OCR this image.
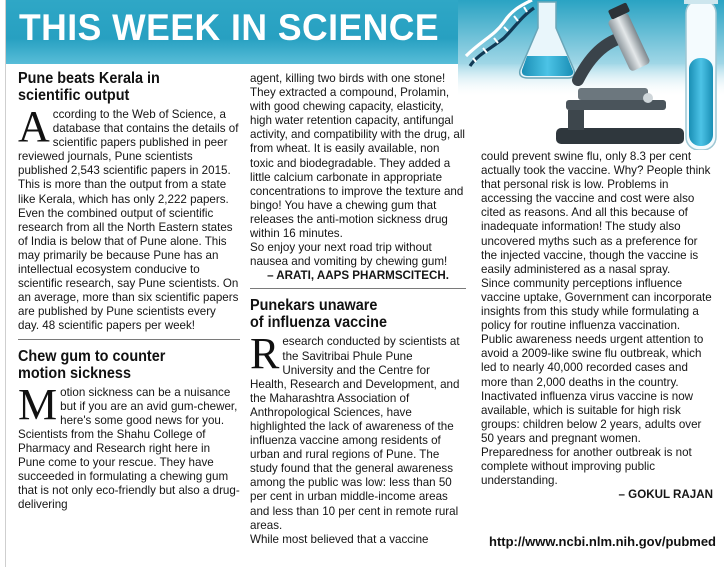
THIS WEEK IN SCIENCE
Pune beats Kerala in
scientific output

According to the Web of Science, a database that contains the details of scientific papers published in peer reviewed journals, Pune scientists published 2,543 scientific papers in 2015. This is more than the output from a state like Kerala, which has only 2,222 papers. Even the combined output of scientific research from all the North Eastern states of India is below that of Pune alone. This may primarily be because Pune has an intellectual ecosystem conducive to scientific research, say Pune scientists. On an average, more than six scientific papers are published by Pune scientists every day. 48 scientific papers per week!

Chew gum to counter
motion sickness

Motion sickness can be a nuisance but if you are an avid gum-chewer, here's some good news for you. Scientists from the Shahu College of Pharmacy and Research right here in Pune come to your rescue. They have succeeded in formulating a chewing gum that is not only eco-friendly but also a drug-delivering

agent, killing two birds with one stone! They extracted a compound, Prolamin, with good chewing capacity, elasticity, high water retention capacity, antifungal activity, and compatibility with the drug, all from wheat. It is easily available, non toxic and biodegradable. They added a little calcium carbonate in appropriate concentrations to improve the texture and bingo! You have a chewing gum that releases the anti-motion sickness drug within 16 minutes.

So enjoy your next road trip without nausea and vomiting by chewing gum!

– ARATI, AAPS PHARMSCITECH.

Punekars unaware
of influenza vaccine

Research conducted by scientists at the Savitribai Phule Pune University and the Centre for Health, Research and Development, and the Maharashtra Association of Anthropological Sciences, have highlighted the lack of awareness of the influenza vaccine among residents of urban and rural regions of Pune. The study found that the general awareness among the public was low: less than 50 per cent in urban middle-income areas and less than 10 per cent in remote rural areas.

While most believed that a vaccine

could prevent swine flu, only 8.3 per cent actually took the vaccine. Why? People think that personal risk is low. Problems in accessing the vaccine and cost were also cited as reasons. And all this because of inadequate information! The study also uncovered myths such as a preference for the injected vaccine, though the vaccine is easily administered as a nasal spray.

Since community perceptions influence vaccine uptake, Government can incorporate insights from this study while formulating a policy for routine influenza vaccination. Public awareness needs urgent attention to avoid a 2009-like swine flu outbreak, which led to nearly 40,000 recorded cases and more than 2,000 deaths in the country. Inactivated influenza virus vaccine is now available, which is suitable for high risk groups: children below 2 years, adults over 50 years and pregnant women. Preparedness for another outbreak is not complete without improving public understanding.

– GOKUL RAJAN

http://www.ncbi.nlm.nih.gov/pubmed
